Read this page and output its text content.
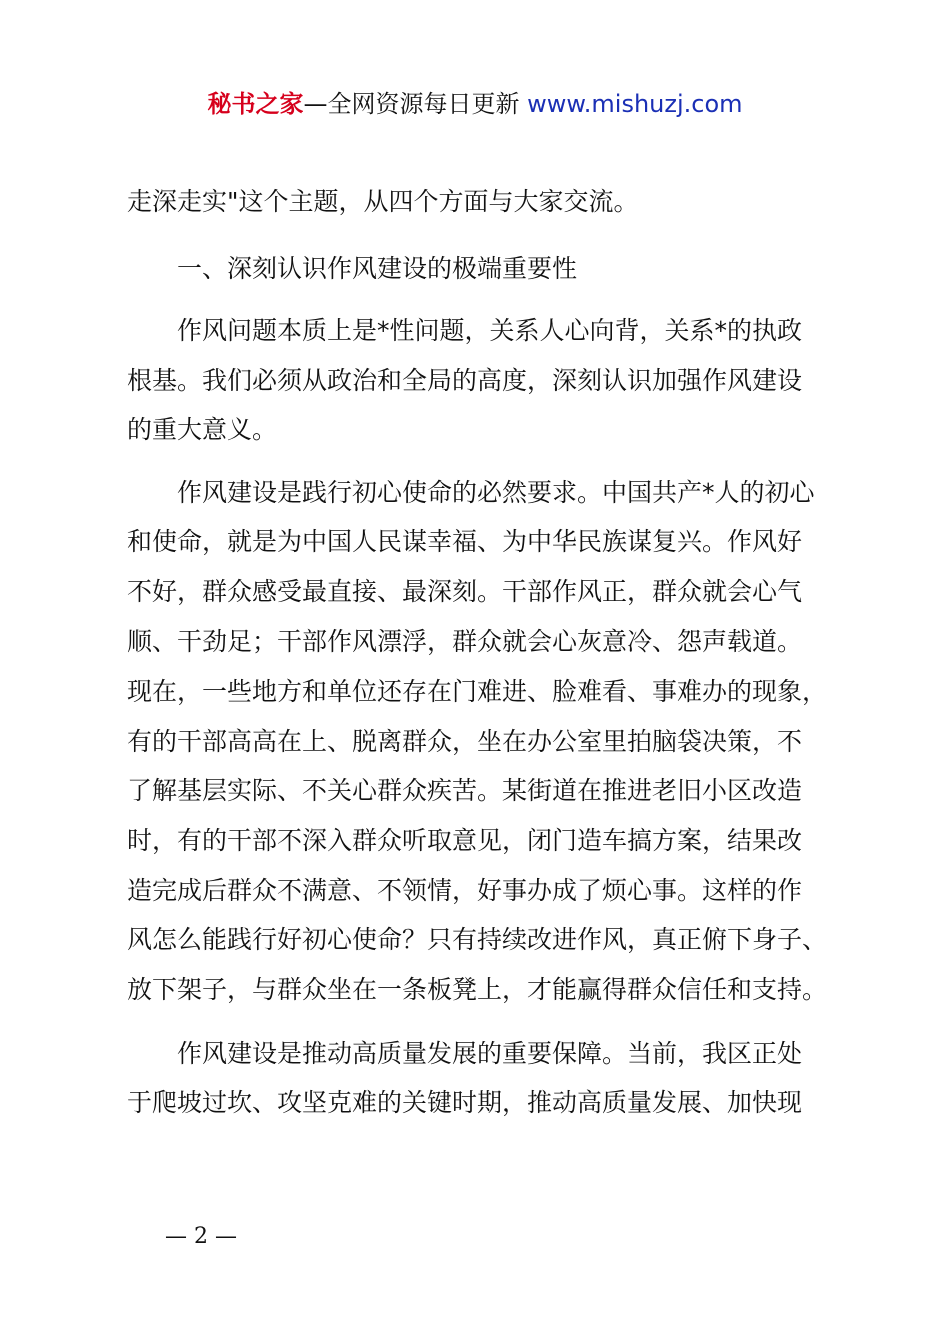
秘书之家—全网资源每日更新 www.mishuzj.com
走深走实"这个主题，从四个方面与大家交流。
一、深刻认识作风建设的极端重要性
作风问题本质上是*性问题，关系人心向背，关系*的执政
根基。我们必须从政治和全局的高度，深刻认识加强作风建设
的重大意义。
作风建设是践行初心使命的必然要求。中国共产*人的初心
和使命，就是为中国人民谋幸福、为中华民族谋复兴。作风好
不好，群众感受最直接、最深刻。干部作风正，群众就会心气
顺、干劲足；干部作风漂浮，群众就会心灰意冷、怨声载道。
现在，一些地方和单位还存在门难进、脸难看、事难办的现象，
有的干部高高在上、脱离群众，坐在办公室里拍脑袋决策，不
了解基层实际、不关心群众疾苦。某街道在推进老旧小区改造
时，有的干部不深入群众听取意见，闭门造车搞方案，结果改
造完成后群众不满意、不领情，好事办成了烦心事。这样的作
风怎么能践行好初心使命？只有持续改进作风，真正俯下身子、
放下架子，与群众坐在一条板凳上，才能赢得群众信任和支持。
作风建设是推动高质量发展的重要保障。当前，我区正处
于爬坡过坎、攻坚克难的关键时期，推动高质量发展、加快现
— 2 —
